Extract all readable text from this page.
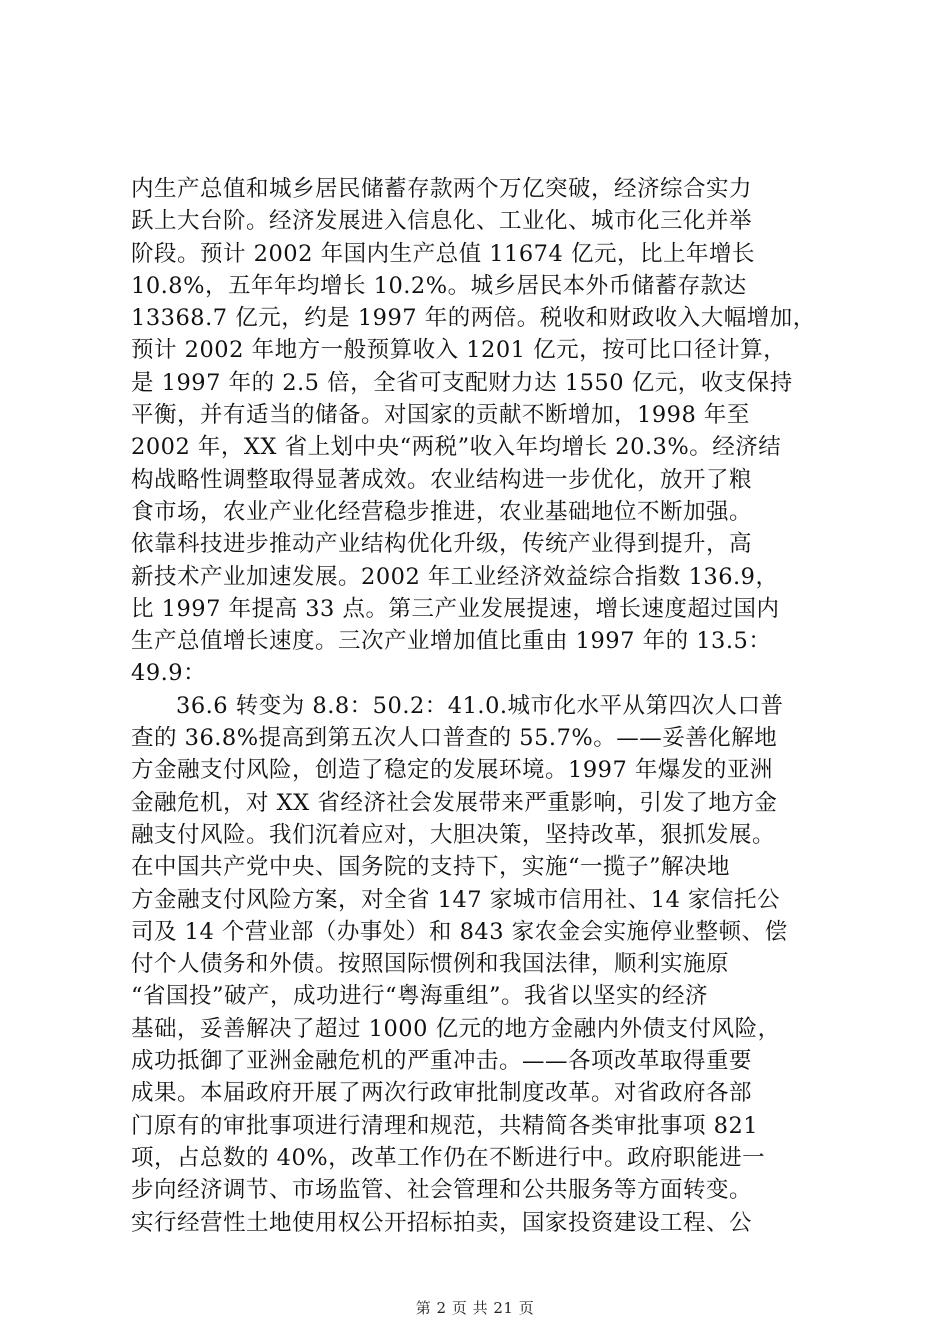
内生产总值和城乡居民储蓄存款两个万亿突破，经济综合实力
跃上大台阶。经济发展进入信息化、工业化、城市化三化并举
阶段。预计 2002 年国内生产总值 11674 亿元，比上年增长
10.8%，五年年均增长 10.2%。城乡居民本外币储蓄存款达
13368.7 亿元，约是 1997 年的两倍。税收和财政收入大幅增加，
预计 2002 年地方一般预算收入 1201 亿元，按可比口径计算，
是 1997 年的 2.5 倍，全省可支配财力达 1550 亿元，收支保持
平衡，并有适当的储备。对国家的贡献不断增加，1998 年至
2002 年，XX 省上划中央“两税”收入年均增长 20.3%。经济结
构战略性调整取得显著成效。农业结构进一步优化，放开了粮
食市场，农业产业化经营稳步推进，农业基础地位不断加强。
依靠科技进步推动产业结构优化升级，传统产业得到提升，高
新技术产业加速发展。2002 年工业经济效益综合指数 136.9，
比 1997 年提高 33 点。第三产业发展提速，增长速度超过国内
生产总值增长速度。三次产业增加值比重由 1997 年的 13.5：
49.9：
36.6 转变为 8.8：50.2：41.0.城市化水平从第四次人口普
查的 36.8%提高到第五次人口普查的 55.7%。——妥善化解地
方金融支付风险，创造了稳定的发展环境。1997 年爆发的亚洲
金融危机，对 XX 省经济社会发展带来严重影响，引发了地方金
融支付风险。我们沉着应对，大胆决策，坚持改革，狠抓发展。
在中国共产党中央、国务院的支持下，实施“一揽子”解决地
方金融支付风险方案，对全省 147 家城市信用社、14 家信托公
司及 14 个营业部（办事处）和 843 家农金会实施停业整顿、偿
付个人债务和外债。按照国际惯例和我国法律，顺利实施原
“省国投”破产，成功进行“粤海重组”。我省以坚实的经济
基础，妥善解决了超过 1000 亿元的地方金融内外债支付风险，
成功抵御了亚洲金融危机的严重冲击。——各项改革取得重要
成果。本届政府开展了两次行政审批制度改革。对省政府各部
门原有的审批事项进行清理和规范，共精简各类审批事项 821
项，占总数的 40%，改革工作仍在不断进行中。政府职能进一
步向经济调节、市场监管、社会管理和公共服务等方面转变。
实行经营性土地使用权公开招标拍卖，国家投资建设工程、公
第 2 页 共 21 页
